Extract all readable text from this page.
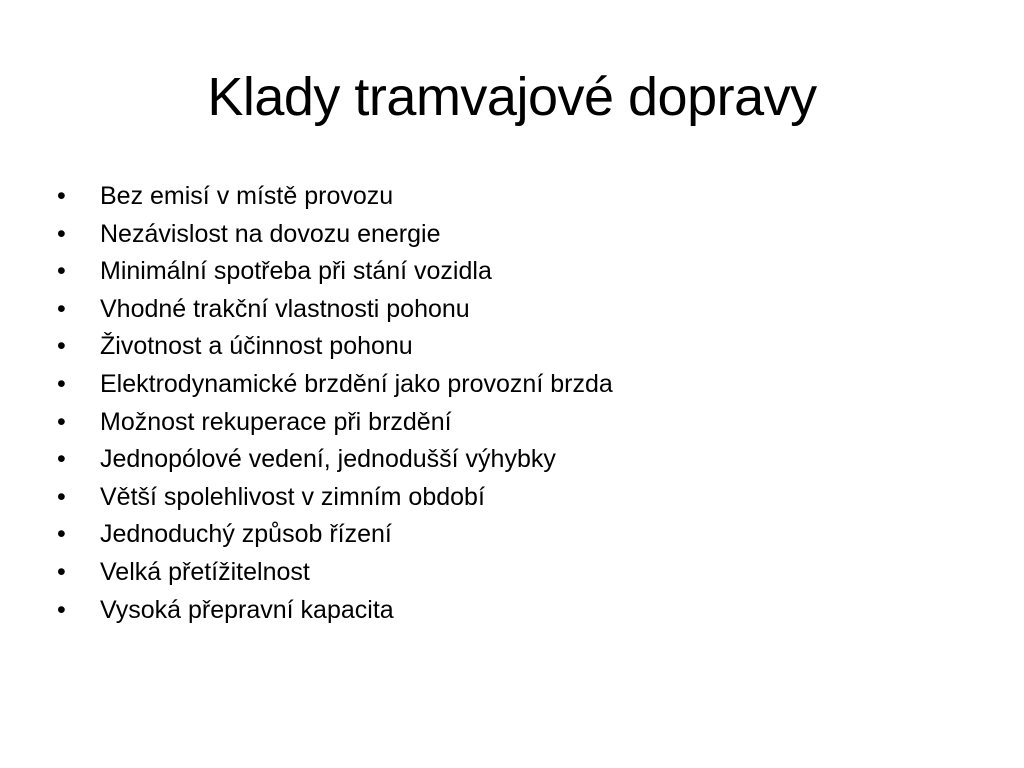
Klady tramvajové dopravy
•	Bez emisí v místě provozu
•	Nezávislost na dovozu energie
•	Minimální spotřeba při stání vozidla
•	Vhodné trakční vlastnosti pohonu
•	Životnost a účinnost pohonu
•	Elektrodynamické brzdění jako provozní brzda
•	Možnost rekuperace při brzdění
•	Jednopólové vedení, jednodušší výhybky
•	Větší spolehlivost v zimním období
•	Jednoduchý způsob řízení
•	Velká přetížitelnost
•	Vysoká přepravní kapacita
